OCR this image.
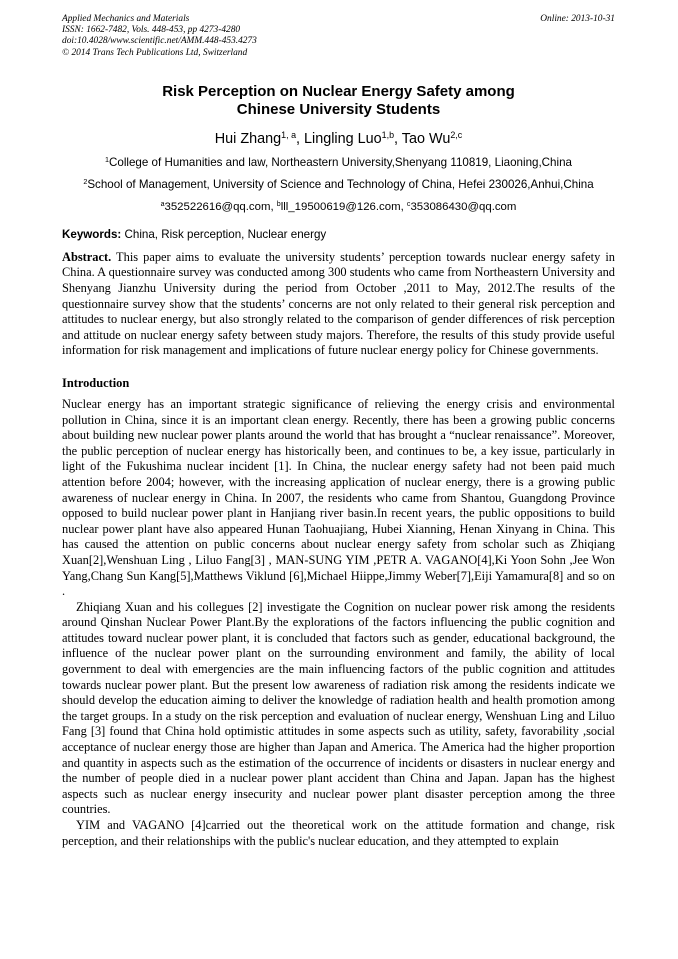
Applied Mechanics and Materials
ISSN: 1662-7482, Vols. 448-453, pp 4273-4280
doi:10.4028/www.scientific.net/AMM.448-453.4273
© 2014 Trans Tech Publications Ltd, Switzerland
Online: 2013-10-31
Risk Perception on Nuclear Energy Safety among
Chinese University Students
Hui Zhang$^{1, a}$, Lingling Luo$^{1,b}$, Tao Wu$^{2,c}$
$^1$College of Humanities and law, Northeastern University,Shenyang 110819, Liaoning,China
$^2$School of Management, University of Science and Technology of China, Hefei 230026,Anhui,China
$^a$352522616@qq.com, $^b$lll_19500619@126.com, $^c$353086430@qq.com
Keywords: China, Risk perception, Nuclear energy

Abstract. This paper aims to evaluate the university students’ perception towards nuclear energy safety in China. A questionnaire survey was conducted among 300 students who came from Northeastern University and Shenyang Jianzhu University during the period from October ,2011 to May, 2012.The results of the questionnaire survey show that the students’ concerns are not only related to their general risk perception and attitudes to nuclear energy, but also strongly related to the comparison of gender differences of risk perception and attitude on nuclear energy safety between study majors. Therefore, the results of this study provide useful information for risk management and implications of future nuclear energy policy for Chinese governments.

Introduction

Nuclear energy has an important strategic significance of relieving the energy crisis and environmental pollution in China, since it is an important clean energy. Recently, there has been a growing public concerns about building new nuclear power plants around the world that has brought a “nuclear renaissance”. Moreover, the public perception of nuclear energy has historically been, and continues to be, a key issue, particularly in light of the Fukushima nuclear incident [1]. In China, the nuclear energy safety had not been paid much attention before 2004; however, with the increasing application of nuclear energy, there is a growing public awareness of nuclear energy in China. In 2007, the residents who came from Shantou, Guangdong Province opposed to build nuclear power plant in Hanjiang river basin.In recent years, the public oppositions to build nuclear power plant have also appeared Hunan Taohuajiang, Hubei Xianning, Henan Xinyang in China. This has caused the attention on public concerns about nuclear energy safety from scholar such as Zhiqiang Xuan[2],Wenshuan Ling , Liluo Fang[3] , MAN-SUNG YIM ,PETR A. VAGANO[4],Ki Yoon Sohn ,Jee Won Yang,Chang Sun Kang[5],Matthews Viklund [6],Michael Hiippe,Jimmy Weber[7],Eiji Yamamura[8] and so on .

Zhiqiang Xuan and his collegues [2] investigate the Cognition on nuclear power risk among the residents around Qinshan Nuclear Power Plant.By the explorations of the factors influencing the public cognition and attitudes toward nuclear power plant, it is concluded that factors such as gender, educational background, the influence of the nuclear power plant on the surrounding environment and family, the ability of local government to deal with emergencies are the main influencing factors of the public cognition and attitudes towards nuclear power plant. But the present low awareness of radiation risk among the residents indicate we should develop the education aiming to deliver the knowledge of radiation health and health promotion among the target groups. In a study on the risk perception and evaluation of nuclear energy, Wenshuan Ling and Liluo Fang [3] found that China hold optimistic attitudes in some aspects such as utility, safety, favorability ,social acceptance of nuclear energy those are higher than Japan and America. The America had the higher proportion and quantity in aspects such as the estimation of the occurrence of incidents or disasters in nuclear energy and the number of people died in a nuclear power plant accident than China and Japan. Japan has the highest aspects such as nuclear energy insecurity and nuclear power plant disaster perception among the three countries.

YIM and VAGANO [4]carried out the theoretical work on the attitude formation and change, risk perception, and their relationships with the public's nuclear education, and they attempted to explain
